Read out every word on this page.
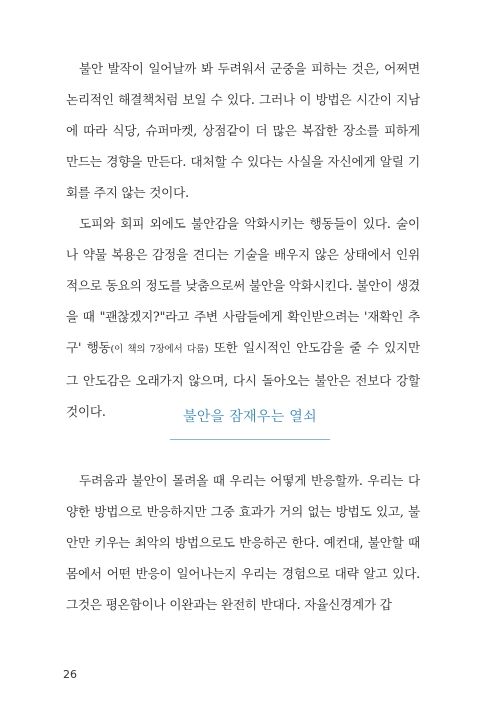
불안 발작이 일어날까 봐 두려워서 군중을 피하는 것은, 어쩌면 논리적인 해결책처럼 보일 수 있다. 그러나 이 방법은 시간이 지남에 따라 식당, 슈퍼마켓, 상점같이 더 많은 복잡한 장소를 피하게 만드는 경향을 만든다. 대처할 수 있다는 사실을 자신에게 알릴 기회를 주지 않는 것이다.

도피와 회피 외에도 불안감을 악화시키는 행동들이 있다. 술이나 약물 복용은 감정을 견디는 기술을 배우지 않은 상태에서 인위적으로 동요의 정도를 낮춤으로써 불안을 악화시킨다. 불안이 생겼을 때 "괜찮겠지?"라고 주변 사람들에게 확인받으려는 '재확인 추구' 행동(이 책의 7장에서 다룸) 또한 일시적인 안도감을 줄 수 있지만 그 안도감은 오래가지 않으며, 다시 돌아오는 불안은 전보다 강할 것이다.	불안을 잠재우는 열쇠

두려움과 불안이 몰려올 때 우리는 어떻게 반응할까. 우리는 다양한 방법으로 반응하지만 그중 효과가 거의 없는 방법도 있고, 불안만 키우는 최악의 방법으로도 반응하곤 한다. 예컨대, 불안할 때 몸에서 어떤 반응이 일어나는지 우리는 경험으로 대략 알고 있다. 그것은 평온함이나 이완과는 완전히 반대다. 자율신경계가 갑

26
